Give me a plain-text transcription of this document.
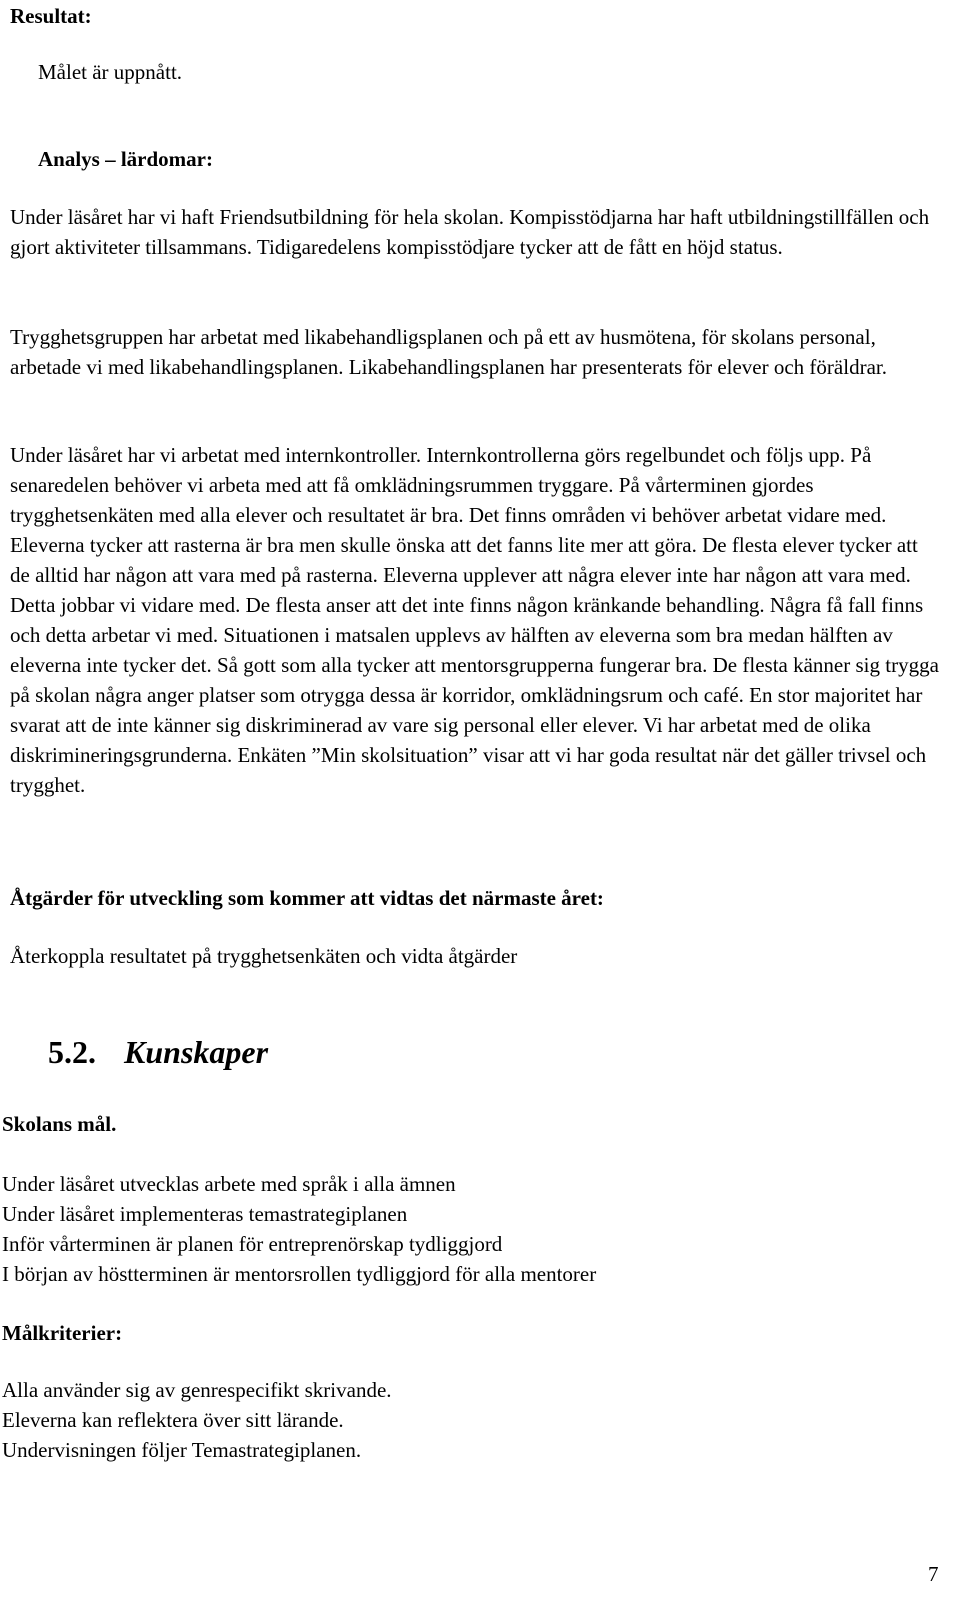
Resultat:

Målet är uppnått.

Analys – lärdomar:

Under läsåret har vi haft Friendsutbildning för hela skolan. Kompisstödjarna har haft utbildningstillfällen och gjort aktiviteter tillsammans. Tidigaredelens kompisstödjare tycker att de fått en höjd status.

Trygghetsgruppen har arbetat med likabehandligsplanen och på ett av husmötena, för skolans personal, arbetade vi med likabehandlingsplanen. Likabehandlingsplanen har presenterats för elever och föräldrar.

Under läsåret har vi arbetat med internkontroller. Internkontrollerna görs regelbundet och följs upp. På senaredelen behöver vi arbeta med att få omklädningsrummen tryggare. På vårterminen gjordes trygghetsenkäten med alla elever och resultatet är bra. Det finns områden vi behöver arbetat vidare med. Eleverna tycker att rasterna är bra men skulle önska att det fanns lite mer att göra. De flesta elever tycker att de alltid har någon att vara med på rasterna. Eleverna upplever att några elever inte har någon att vara med. Detta jobbar vi vidare med. De flesta anser att det inte finns någon kränkande behandling. Några få fall finns och detta arbetar vi med. Situationen i matsalen upplevs av hälften av eleverna som bra medan hälften av eleverna inte tycker det. Så gott som alla tycker att mentorsgrupperna fungerar bra. De flesta känner sig trygga på skolan några anger platser som otrygga dessa är korridor, omklädningsrum och café. En stor majoritet har svarat att de inte känner sig diskriminerad av vare sig personal eller elever. Vi har arbetat med de olika diskrimineringsgrunderna. Enkäten ”Min skolsituation” visar att vi har goda resultat när det gäller trivsel och trygghet.

Åtgärder för utveckling som kommer att vidtas det närmaste året:

Återkoppla resultatet på trygghetsenkäten och vidta åtgärder

5.2. Kunskaper
Skolans mål.
Under läsåret utvecklas arbete med språk i alla ämnen
Under läsåret implementeras temastrategiplanen
Inför vårterminen är planen för entreprenörskap tydliggjord
I början av höstterminen är mentorsrollen tydliggjord för alla mentorer
Målkriterier:
Alla använder sig av genrespecifikt skrivande.
Eleverna kan reflektera över sitt lärande.
Undervisningen följer Temastrategiplanen.
7
